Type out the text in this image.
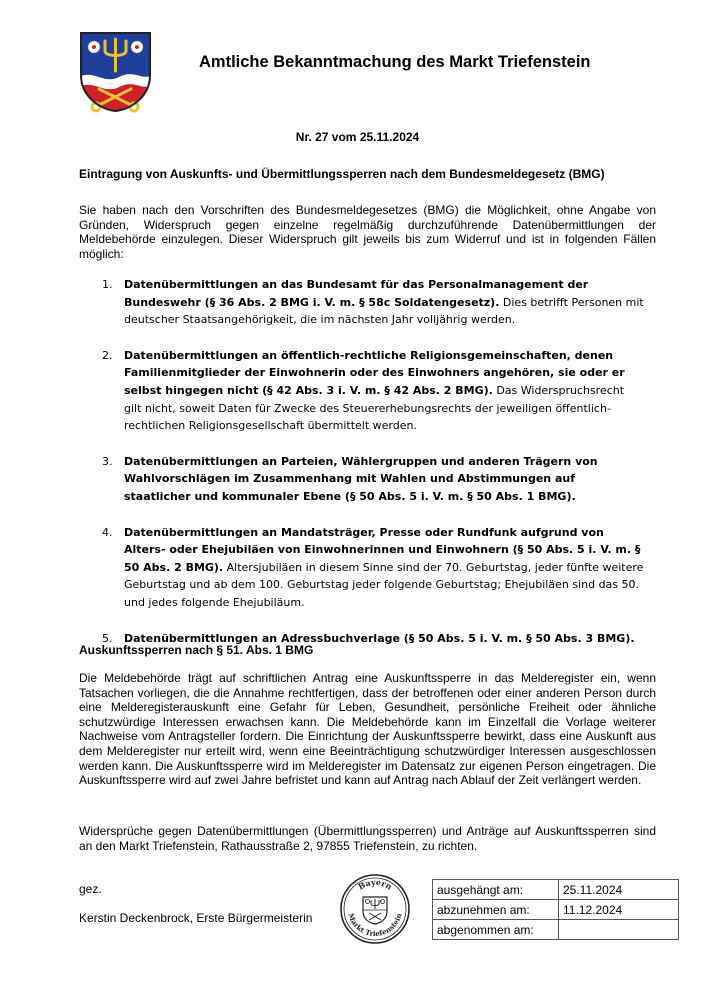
Amtliche Bekanntmachung des Markt Triefenstein
Nr. 27 vom 25.11.2024
Eintragung von Auskunfts- und Übermittlungssperren nach dem Bundesmeldegesetz (BMG)
Sie haben nach den Vorschriften des Bundesmeldegesetzes (BMG) die Möglichkeit, ohne Angabe von Gründen, Widerspruch gegen einzelne regelmäßig durchzuführende Datenübermittlungen der Meldebehörde einzulegen. Dieser Widerspruch gilt jeweils bis zum Widerruf und ist in folgenden Fällen möglich:
1. Datenübermittlungen an das Bundesamt für das Personalmanagement der Bundeswehr (§ 36 Abs. 2 BMG i. V. m. § 58c Soldatengesetz). Dies betrifft Personen mit deutscher Staatsangehörigkeit, die im nächsten Jahr volljährig werden.
2. Datenübermittlungen an öffentlich-rechtliche Religionsgemeinschaften, denen Familienmitglieder der Einwohnerin oder des Einwohners angehören, sie oder er selbst hingegen nicht (§ 42 Abs. 3 i. V. m. § 42 Abs. 2 BMG). Das Widerspruchsrecht gilt nicht, soweit Daten für Zwecke des Steuererhebungsrechts der jeweiligen öffentlich-rechtlichen Religionsgesellschaft übermittelt werden.
3. Datenübermittlungen an Parteien, Wählergruppen und anderen Trägern von Wahlvorschlägen im Zusammenhang mit Wahlen und Abstimmungen auf staatlicher und kommunaler Ebene (§ 50 Abs. 5 i. V. m. § 50 Abs. 1 BMG).
4. Datenübermittlungen an Mandatsträger, Presse oder Rundfunk aufgrund von Alters- oder Ehejubiläen von Einwohnerinnen und Einwohnern (§ 50 Abs. 5 i. V. m. § 50 Abs. 2 BMG). Altersjubiläen in diesem Sinne sind der 70. Geburtstag, jeder fünfte weitere Geburtstag und ab dem 100. Geburtstag jeder folgende Geburtstag; Ehejubiläen sind das 50. und jedes folgende Ehejubiläum.
5. Datenübermittlungen an Adressbuchverlage (§ 50 Abs. 5 i. V. m. § 50 Abs. 3 BMG).
Auskunftssperren nach § 51. Abs. 1 BMG
Die Meldebehörde trägt auf schriftlichen Antrag eine Auskunftssperre in das Melderegister ein, wenn Tatsachen vorliegen, die die Annahme rechtfertigen, dass der betroffenen oder einer anderen Person durch eine Melderegisterauskunft eine Gefahr für Leben, Gesundheit, persönliche Freiheit oder ähnliche schutzwürdige Interessen erwachsen kann. Die Meldebehörde kann im Einzelfall die Vorlage weiterer Nachweise vom Antragsteller fordern. Die Einrichtung der Auskunftssperre bewirkt, dass eine Auskunft aus dem Melderegister nur erteilt wird, wenn eine Beeinträchtigung schutzwürdiger Interessen ausgeschlossen werden kann. Die Auskunftssperre wird im Melderegister im Datensatz zur eigenen Person eingetragen. Die Auskunftssperre wird auf zwei Jahre befristet und kann auf Antrag nach Ablauf der Zeit verlängert werden.
Widersprüche gegen Datenübermittlungen (Übermittlungssperren) und Anträge auf Auskunftssperren sind an den Markt Triefenstein, Rathausstraße 2, 97855 Triefenstein, zu richten.
gez.
Kerstin Deckenbrock, Erste Bürgermeisterin
Bayern
Markt Triefenstein
ausgehängt am:	25.11.2024
abzunehmen am:	11.12.2024
abgenommen am:	
